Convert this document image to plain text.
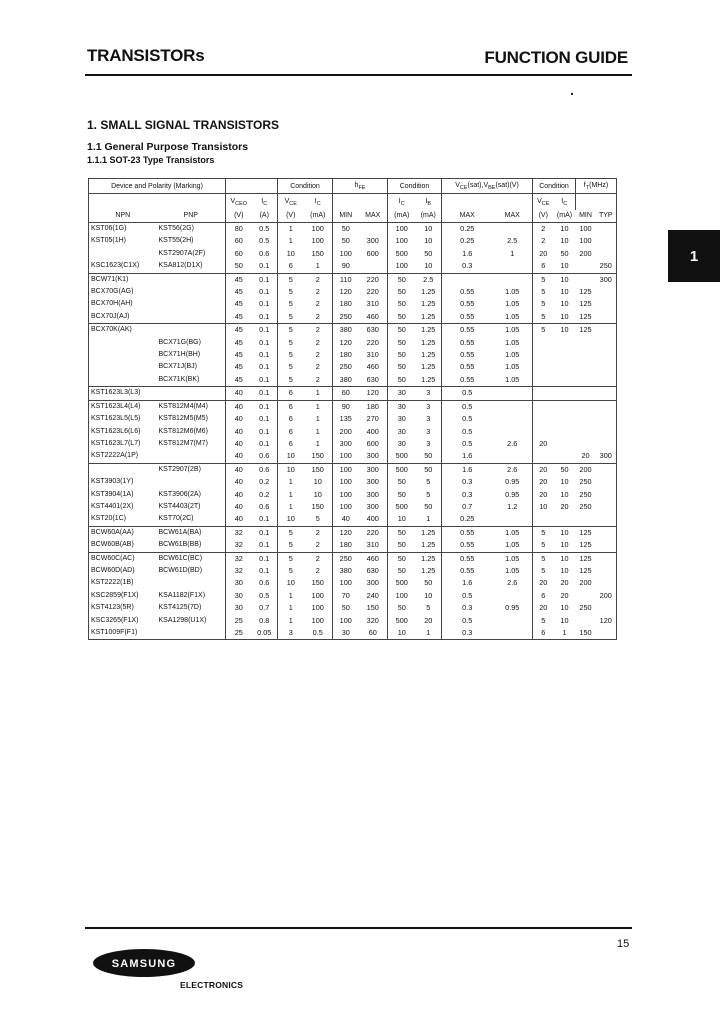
TRANSISTORs	FUNCTION GUIDE
1. SMALL SIGNAL TRANSISTORS
1.1 General Purpose Transistors
1.1.1 SOT-23 Type Transistors
1
Device and Polarity (Marking)				Condition		$h_{FE}$		Condition		$V_{CE}(sat),V_{BE}(sat)(V)$		Condition		$f_T(MHz)$	
		$V_{CEO}$	$I_C$	$V_{CE}$	$I_C$			$I_C$	$I_B$			$V_{CE}$	$I_C$		
NPN	PNP	(V)	(A)	(V)	(mA)	MIN	MAX	(mA)	(mA)	MAX	MAX	(V)	(mA)	MIN	TYP
KST06(1G)	KST56(2G)	80	0.5	1	100	50		100	10	0.25		2	10	100	
KST05(1H)	KST55(2H)	60	0.5	1	100	50	300	100	10	0.25	2.5	2	10	100	
	KST2907A(2F)	60	0.6	10	150	100	600	500	50	1.6	1	20	50	200	
KSC1623(C1X)	KSA812(D1X)	50	0.1	6	1	90		100	10	0.3		6	10		250
BCW71(K1)		45	0.1	5	2	110	220	50	2.5			5	10		300
BCX70G(AG)		45	0.1	5	2	120	220	50	1.25	0.55	1.05	5	10	125	
BCX70H(AH)		45	0.1	5	2	180	310	50	1.25	0.55	1.05	5	10	125	
BCX70J(AJ)		45	0.1	5	2	250	460	50	1.25	0.55	1.05	5	10	125	
BCX70K(AK)		45	0.1	5	2	380	630	50	1.25	0.55	1.05	5	10	125	
	BCX71G(BG)	45	0.1	5	2	120	220	50	1.25	0.55	1.05				
	BCX71H(BH)	45	0.1	5	2	180	310	50	1.25	0.55	1.05				
	BCX71J(BJ)	45	0.1	5	2	250	460	50	1.25	0.55	1.05				
	BCX71K(BK)	45	0.1	5	2	380	630	50	1.25	0.55	1.05				
KST1623L3(L3)		40	0.1	6	1	60	120	30	3	0.5					
KST1623L4(L4)	KST812M4(M4)	40	0.1	6	1	90	180	30	3	0.5					
KST1623L5(L5)	KST812M5(M5)	40	0.1	6	1	135	270	30	3	0.5					
KST1623L6(L6)	KST812M6(M6)	40	0.1	6	1	200	400	30	3	0.5					
KST1623L7(L7)	KST812M7(M7)	40	0.1	6	1	300	600	30	3	0.5	2.6	20			
KST2222A(1P)		40	0.6	10	150	100	300	500	50	1.6				20	300
	KST2907(2B)	40	0.6	10	150	100	300	500	50	1.6	2.6	20	50	200	
KST3903(1Y)		40	0.2	1	10	100	300	50	5	0.3	0.95	20	10	250	
KST3904(1A)	KST3906(2A)	40	0.2	1	10	100	300	50	5	0.3	0.95	20	10	250	
KST4401(2X)	KST4403(2T)	40	0.6	1	150	100	300	500	50	0.7	1.2	10	20	250	
KST20(1C)	KST70(2C)	40	0.1	10	5	40	400	10	1	0.25					
BCW60A(AA)	BCW61A(BA)	32	0.1	5	2	120	220	50	1.25	0.55	1.05	5	10	125	
BCW60B(AB)	BCW61B(BB)	32	0.1	5	2	180	310	50	1.25	0.55	1.05	5	10	125	
BCW60C(AC)	BCW61C(BC)	32	0.1	5	2	250	460	50	1.25	0.55	1.05	5	10	125	
BCW60D(AD)	BCW61D(BD)	32	0.1	5	2	380	630	50	1.25	0.55	1.05	5	10	125	
KST2222(1B)		30	0.6	10	150	100	300	500	50	1.6	2.6	20	20	200	
KSC2859(F1X)	KSA1182(F1X)	30	0.5	1	100	70	240	100	10	0.5		6	20		200
KST4123(5R)	KST4125(7D)	30	0.7	1	100	50	150	50	5	0.3	0.95	20	10	250	
KSC3265(F1X)	KSA1298(U1X)	25	0.8	1	100	100	320	500	20	0.5		5	10		120
KST1009F(F1)		25	0.05	3	0.5	30	60	10	1	0.3		6	1	150	
15
SAMSUNG
ELECTRONICS
